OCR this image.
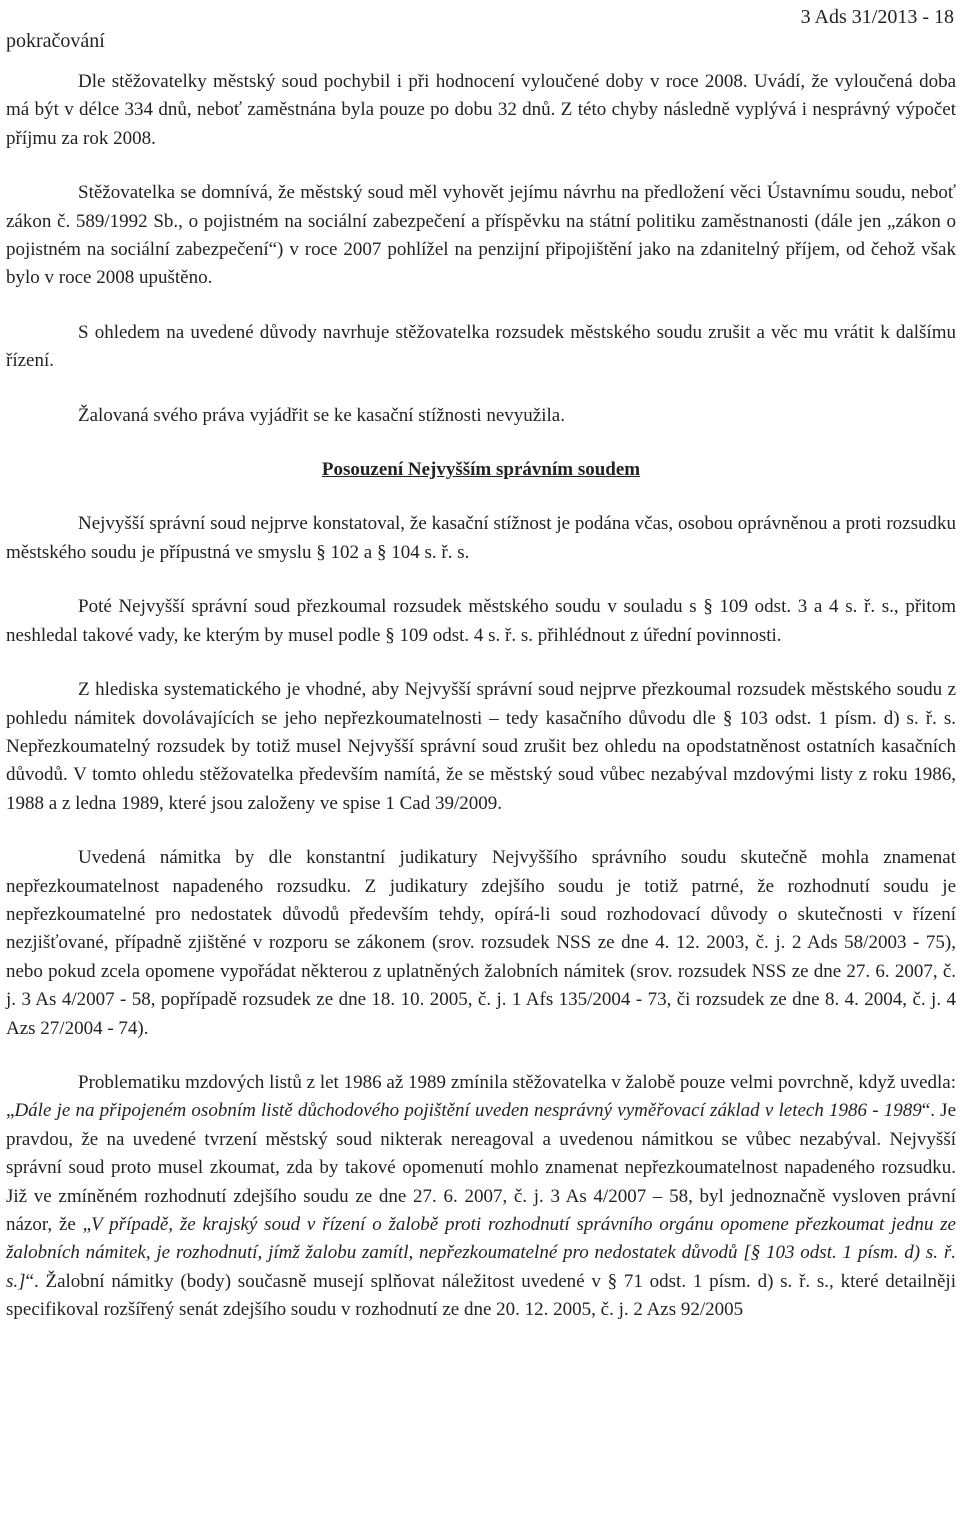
pokračování
3 Ads 31/2013 - 18

Dle stěžovatelky městský soud pochybil i při hodnocení vyloučené doby v roce 2008. Uvádí, že vyloučená doba má být v délce 334 dnů, neboť zaměstnána byla pouze po dobu 32 dnů. Z této chyby následně vyplývá i nesprávný výpočet příjmu za rok 2008.

Stěžovatelka se domnívá, že městský soud měl vyhovět jejímu návrhu na předložení věci Ústavnímu soudu, neboť zákon č. 589/1992 Sb., o pojistném na sociální zabezpečení a příspěvku na státní politiku zaměstnanosti (dále jen „zákon o pojistném na sociální zabezpečení“) v roce 2007 pohlížel na penzijní připojištění jako na zdanitelný příjem, od čehož však bylo v roce 2008 upuštěno.

S ohledem na uvedené důvody navrhuje stěžovatelka rozsudek městského soudu zrušit a věc mu vrátit k dalšímu řízení.

Žalovaná svého práva vyjádřit se ke kasační stížnosti nevyužila.

Posouzení Nejvyšším správním soudem

Nejvyšší správní soud nejprve konstatoval, že kasační stížnost je podána včas, osobou oprávněnou a proti rozsudku městského soudu je přípustná ve smyslu § 102 a § 104 s. ř. s.

Poté Nejvyšší správní soud přezkoumal rozsudek městského soudu v souladu s § 109 odst. 3 a 4 s. ř. s., přitom neshledal takové vady, ke kterým by musel podle § 109 odst. 4 s. ř. s. přihlédnout z úřední povinnosti.

Z hlediska systematického je vhodné, aby Nejvyšší správní soud nejprve přezkoumal rozsudek městského soudu z pohledu námitek dovolávajících se jeho nepřezkoumatelnosti – tedy kasačního důvodu dle § 103 odst. 1 písm. d) s. ř. s. Nepřezkoumatelný rozsudek by totiž musel Nejvyšší správní soud zrušit bez ohledu na opodstatněnost ostatních kasačních důvodů. V tomto ohledu stěžovatelka především namítá, že se městský soud vůbec nezabýval mzdovými listy z roku 1986, 1988 a z ledna 1989, které jsou založeny ve spise 1 Cad 39/2009.

Uvedená námitka by dle konstantní judikatury Nejvyššího správního soudu skutečně mohla znamenat nepřezkoumatelnost napadeného rozsudku. Z judikatury zdejšího soudu je totiž patrné, že rozhodnutí soudu je nepřezkoumatelné pro nedostatek důvodů především tehdy, opírá-li soud rozhodovací důvody o skutečnosti v řízení nezjišťované, případně zjištěné v rozporu se zákonem (srov. rozsudek NSS ze dne 4. 12. 2003, č. j. 2 Ads 58/2003 - 75), nebo pokud zcela opomene vypořádat některou z uplatněných žalobních námitek (srov. rozsudek NSS ze dne 27. 6. 2007, č. j. 3 As 4/2007 - 58, popřípadě rozsudek ze dne 18. 10. 2005, č. j. 1 Afs 135/2004 - 73, či rozsudek ze dne 8. 4. 2004, č. j. 4 Azs 27/2004 - 74).

Problematiku mzdových listů z let 1986 až 1989 zmínila stěžovatelka v žalobě pouze velmi povrchně, když uvedla: „Dále je na připojeném osobním listě důchodového pojištění uveden nesprávný vyměřovací základ v letech 1986 - 1989“. Je pravdou, že na uvedené tvrzení městský soud nikterak nereagoval a uvedenou námitkou se vůbec nezabýval. Nejvyšší správní soud proto musel zkoumat, zda by takové opomenutí mohlo znamenat nepřezkoumatelnost napadeného rozsudku. Již ve zmíněném rozhodnutí zdejšího soudu ze dne 27. 6. 2007, č. j. 3 As 4/2007 – 58, byl jednoznačně vysloven právní názor, že „V případě, že krajský soud v řízení o žalobě proti rozhodnutí správního orgánu opomene přezkoumat jednu ze žalobních námitek, je rozhodnutí, jímž žalobu zamítl, nepřezkoumatelné pro nedostatek důvodů [§ 103 odst. 1 písm. d) s. ř. s.]“. Žalobní námitky (body) současně musejí splňovat náležitost uvedené v § 71 odst. 1 písm. d) s. ř. s., které detailněji specifikoval rozšířený senát zdejšího soudu v rozhodnutí ze dne 20. 12. 2005, č. j. 2 Azs 92/2005
